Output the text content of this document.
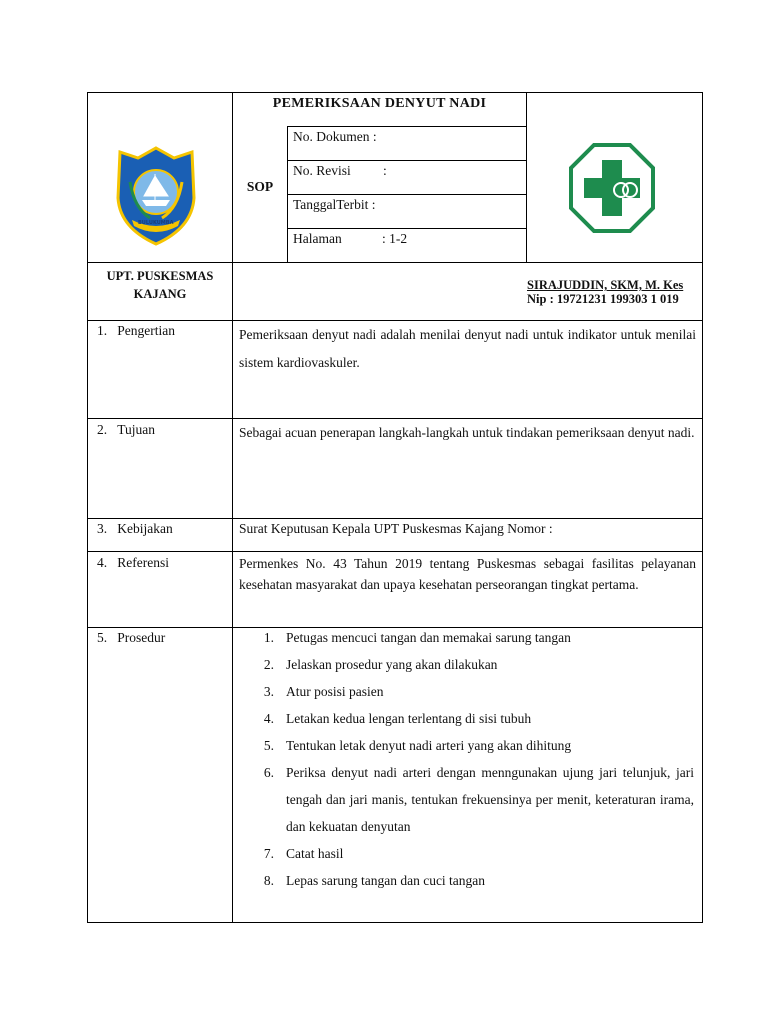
BULUKUMBA
PEMERIKSAAN DENYUT NADI
SOP
No. Dokumen :
No. Revisi :
TanggalTerbit :
Halaman	: 1-2
UPT. PUSKESMAS
KAJANG
SIRAJUDDIN, SKM, M. Kes
Nip : 19721231 199303 1 019
1.   Pengertian	Pemeriksaan denyut nadi adalah menilai denyut nadi untuk indikator untuk menilai sistem kardiovaskuler.
2.   Tujuan	Sebagai acuan penerapan langkah-langkah untuk tindakan pemeriksaan denyut nadi.
3.   Kebijakan	Surat Keputusan Kepala UPT Puskesmas Kajang Nomor :
4.   Referensi	Permenkes No. 43 Tahun 2019 tentang Puskesmas sebagai fasilitas pelayanan kesehatan masyarakat dan upaya kesehatan perseorangan tingkat pertama.
5.   Prosedur	1. Petugas mencuci tangan dan memakai sarung tangan
2. Jelaskan prosedur yang akan dilakukan
3. Atur posisi pasien
4. Letakan kedua lengan terlentang di sisi tubuh
5. Tentukan letak denyut nadi arteri yang akan dihitung
6. Periksa denyut nadi arteri dengan menngunakan ujung jari telunjuk, jari tengah dan jari manis, tentukan frekuensinya per menit, keteraturan irama, dan kekuatan denyutan
7. Catat hasil
8. Lepas sarung tangan dan cuci tangan
